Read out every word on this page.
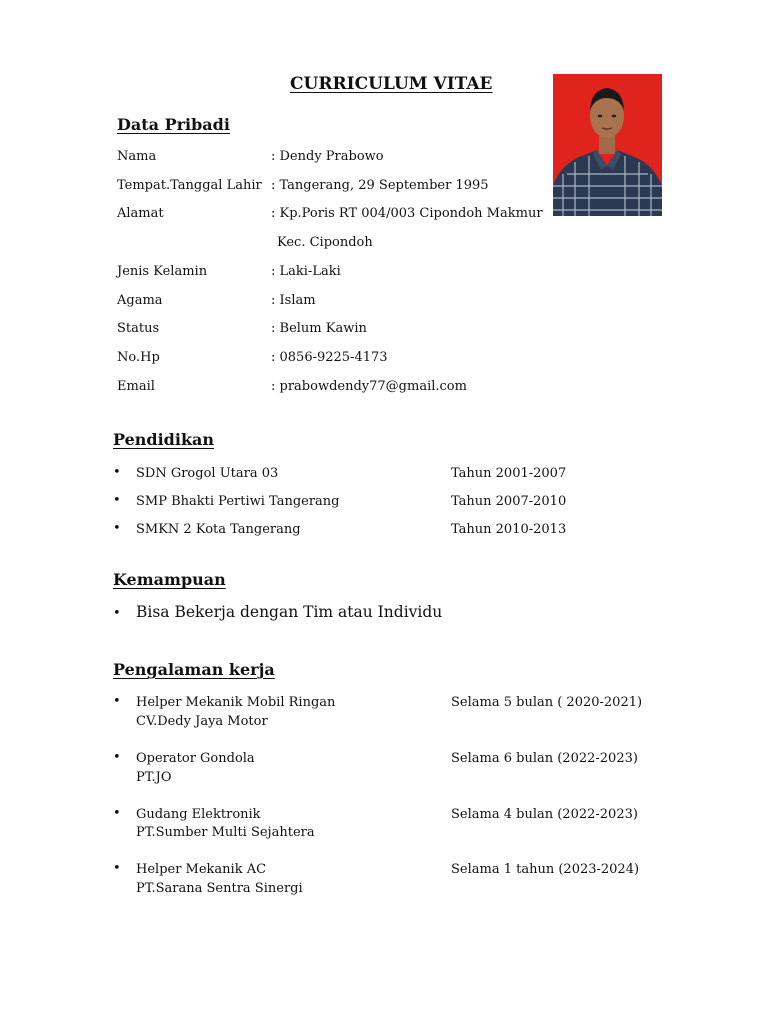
CURRICULUM VITAE
Data Pribadi
Nama	: Dendy Prabowo
Tempat.Tanggal Lahir : Tangerang, 29 September 1995
Alamat	: Kp.Poris RT 004/003 Cipondoh Makmur
Kec. Cipondoh
Jenis Kelamin	: Laki-Laki
Agama	: Islam
Status	: Belum Kawin
No.Hp	: 0856-9225-4173
Email	: prabowdendy77@gmail.com
Pendidikan
• SDN Grogol Utara 03	Tahun 2001-2007
• SMP Bhakti Pertiwi Tangerang	Tahun 2007-2010
• SMKN 2 Kota Tangerang	Tahun 2010-2013
Kemampuan
• Bisa Bekerja dengan Tim atau Individu
Pengalaman kerja
• Helper Mekanik Mobil Ringan
CV.Dedy Jaya Motor
Selama 5 bulan ( 2020-2021)
• Operator Gondola
PT.JO
Selama 6 bulan (2022-2023)
• Gudang Elektronik
PT.Sumber Multi Sejahtera
Selama 4 bulan (2022-2023)
• Helper Mekanik AC
PT.Sarana Sentra Sinergi
Selama 1 tahun (2023-2024)
